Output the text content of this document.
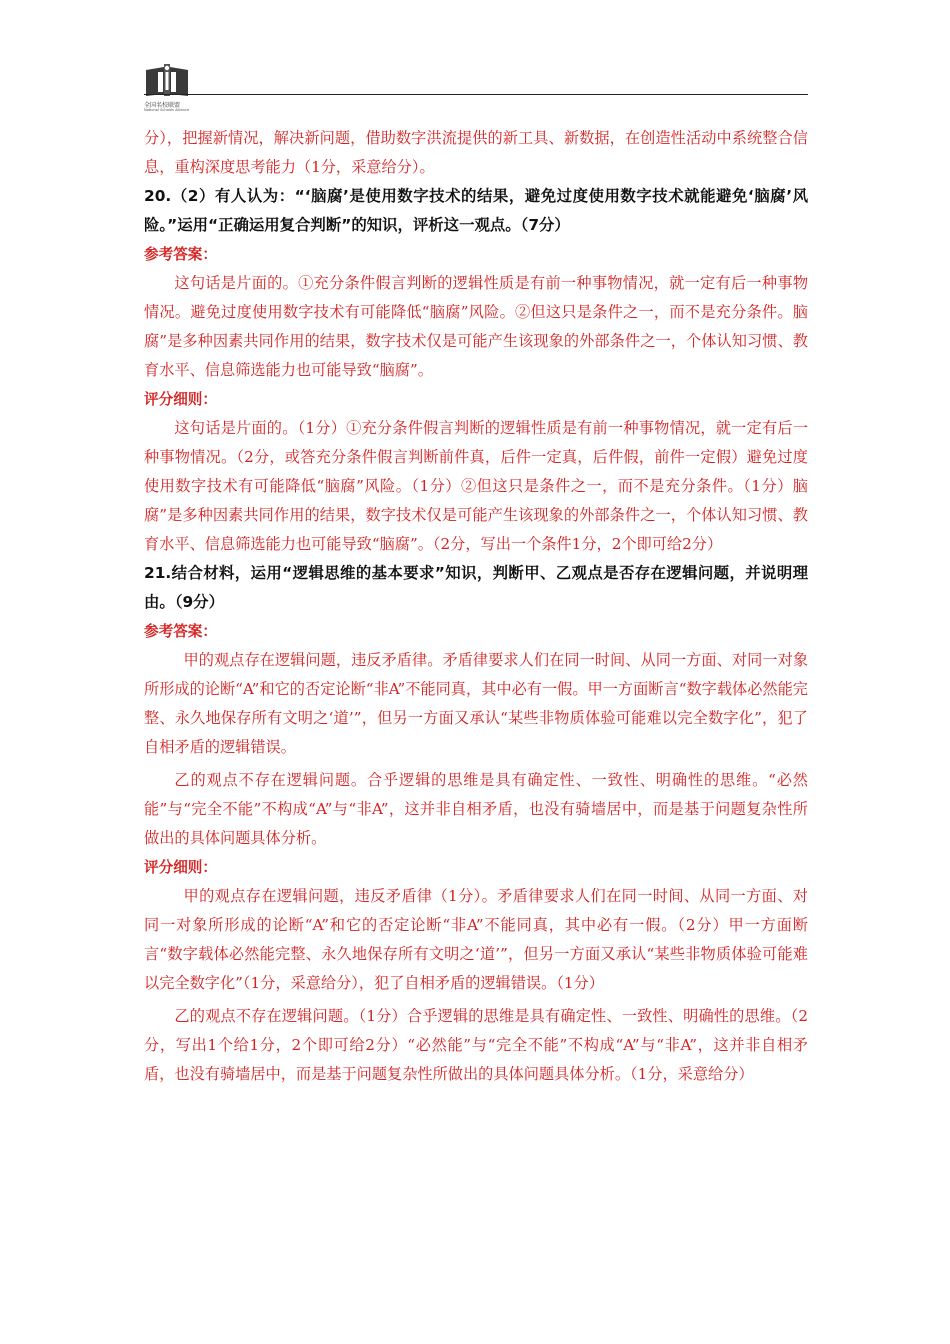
全国名校联盟
National Schools Alliance

分），把握新情况，解决新问题，借助数字洪流提供的新工具、新数据，在创造性活动中系统整合信息，重构深度思考能力（1分，采意给分）。

20.（2）有人认为：“‘脑腐’是使用数字技术的结果，避免过度使用数字技术就能避免‘脑腐’风险。”运用“正确运用复合判断”的知识，评析这一观点。（7分）

参考答案：

这句话是片面的。①充分条件假言判断的逻辑性质是有前一种事物情况，就一定有后一种事物情况。避免过度使用数字技术有可能降低“脑腐”风险。②但这只是条件之一，而不是充分条件。脑腐”是多种因素共同作用的结果，数字技术仅是可能产生该现象的外部条件之一，个体认知习惯、教育水平、信息筛选能力也可能导致“脑腐”。

评分细则：

这句话是片面的。（1分）①充分条件假言判断的逻辑性质是有前一种事物情况，就一定有后一种事物情况。（2分，或答充分条件假言判断前件真，后件一定真，后件假，前件一定假）避免过度使用数字技术有可能降低“脑腐”风险。（1分）②但这只是条件之一，而不是充分条件。（1分）脑腐”是多种因素共同作用的结果，数字技术仅是可能产生该现象的外部条件之一，个体认知习惯、教育水平、信息筛选能力也可能导致“脑腐”。（2分，写出一个条件1分，2个即可给2分）

21.结合材料，运用“逻辑思维的基本要求”知识，判断甲、乙观点是否存在逻辑问题，并说明理由。（9分）

参考答案：

甲的观点存在逻辑问题，违反矛盾律。矛盾律要求人们在同一时间、从同一方面、对同一对象所形成的论断“A”和它的否定论断“非A”不能同真，其中必有一假。甲一方面断言“数字载体必然能完整、永久地保存所有文明之‘道’”，但另一方面又承认“某些非物质体验可能难以完全数字化”，犯了自相矛盾的逻辑错误。

乙的观点不存在逻辑问题。合乎逻辑的思维是具有确定性、一致性、明确性的思维。“必然能”与“完全不能”不构成“A”与“非A”，这并非自相矛盾，也没有骑墙居中，而是基于问题复杂性所做出的具体问题具体分析。

评分细则：

甲的观点存在逻辑问题，违反矛盾律（1分）。矛盾律要求人们在同一时间、从同一方面、对同一对象所形成的论断“A”和它的否定论断“非A”不能同真，其中必有一假。（2分）甲一方面断言“数字载体必然能完整、永久地保存所有文明之‘道’”，但另一方面又承认“某些非物质体验可能难以完全数字化”（1分，采意给分），犯了自相矛盾的逻辑错误。（1分）

乙的观点不存在逻辑问题。（1分）合乎逻辑的思维是具有确定性、一致性、明确性的思维。（2分，写出1个给1分，2个即可给2分）“必然能”与“完全不能”不构成“A”与“非A”，这并非自相矛盾，也没有骑墙居中，而是基于问题复杂性所做出的具体问题具体分析。（1分，采意给分）
